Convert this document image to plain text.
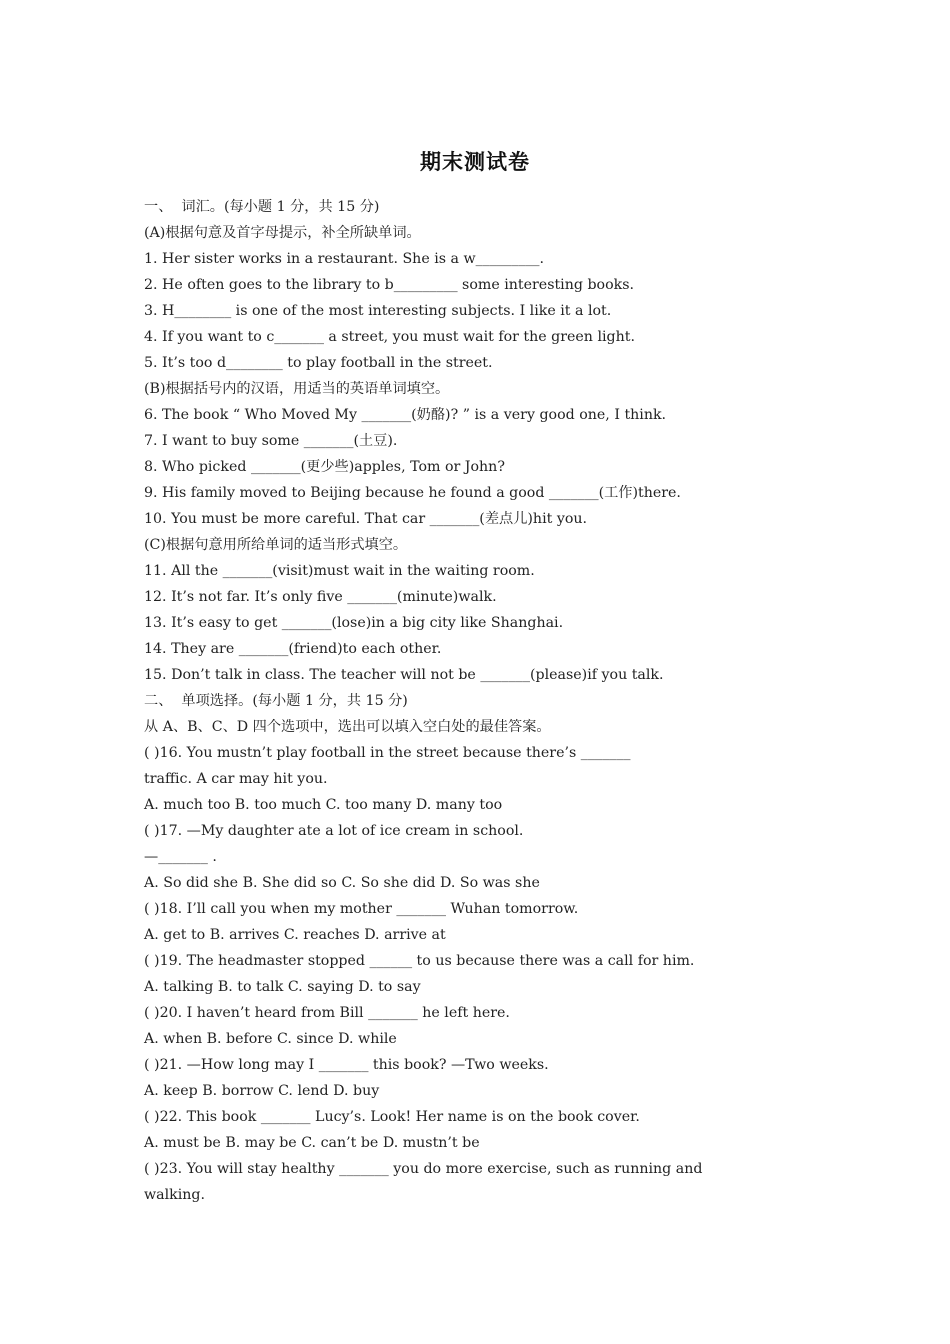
期末测试卷
一、  词汇。(每小题 1 分，共 15 分)
(A)根据句意及首字母提示，补全所缺单词。
1. Her sister works in a restaurant. She is a w_________.
2. He often goes to the library to b_________ some interesting books.
3. H________ is one of the most interesting subjects. I like it a lot.
4. If you want to c_______ a street, you must wait for the green light.
5. It’s too d________ to play football in the street.
(B)根据括号内的汉语，用适当的英语单词填空。
6. The book “ Who Moved My _______(奶酪)? ” is a very good one, I think.
7. I want to buy some _______(土豆).
8. Who picked _______(更少些)apples, Tom or John?
9. His family moved to Beijing because he found a good _______(工作)there.
10. You must be more careful. That car _______(差点儿)hit you.
(C)根据句意用所给单词的适当形式填空。
11. All the _______(visit)must wait in the waiting room.
12. It’s not far. It’s only five _______(minute)walk.
13. It’s easy to get _______(lose)in a big city like Shanghai.
14. They are _______(friend)to each other.
15. Don’t talk in class. The teacher will not be _______(please)if you talk.
二、  单项选择。(每小题 1 分，共 15 分)
从 A、B、C、D 四个选项中，选出可以填入空白处的最佳答案。
( )16. You mustn’t play football in the street because there’s _______
traffic. A car may hit you.
A. much too B. too much C. too many D. many too
( )17. —My daughter ate a lot of ice cream in school.
—_______ .
A. So did she B. She did so C. So she did D. So was she
( )18. I’ll call you when my mother _______ Wuhan tomorrow.
A. get to B. arrives C. reaches D. arrive at
( )19. The headmaster stopped ______ to us because there was a call for him.
A. talking B. to talk C. saying D. to say
( )20. I haven’t heard from Bill _______ he left here.
A. when B. before C. since D. while
( )21. —How long may I _______ this book? —Two weeks.
A. keep B. borrow C. lend D. buy
( )22. This book _______ Lucy’s. Look! Her name is on the book cover.
A. must be B. may be C. can’t be D. mustn’t be
( )23. You will stay healthy _______ you do more exercise, such as running and
walking.
